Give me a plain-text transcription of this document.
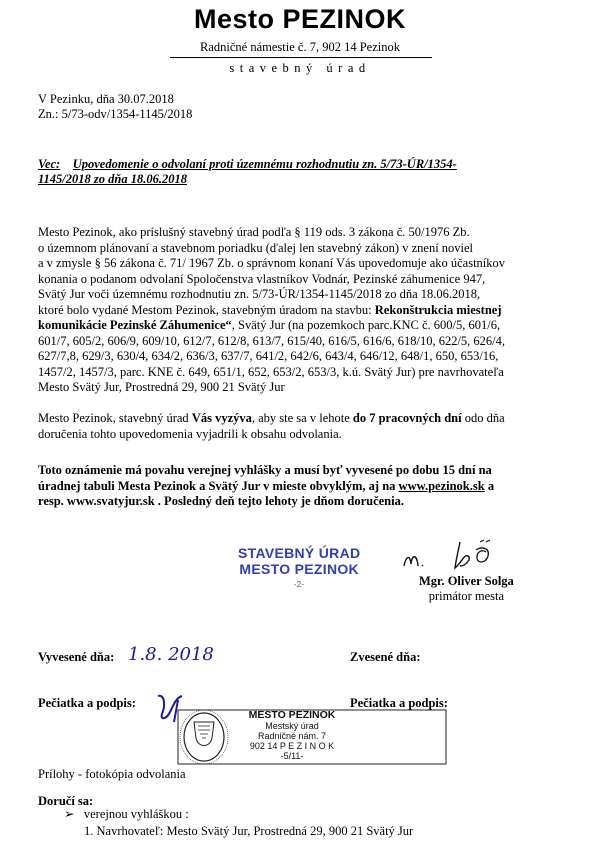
Mesto PEZINOK
Radničné námestie č. 7, 902 14 Pezinok
stavebný úrad
V Pezinku, dňa 30.07.2018
Zn.: 5/73-odv/1354-1145/2018
Vec: Upovedomenie o odvolaní proti územnému rozhodnutiu zn. 5/73-ÚR/1354-
1145/2018 zo dňa 18.06.2018
Mesto Pezinok, ako príslušný stavebný úrad podľa § 119 ods. 3 zákona č. 50/1976 Zb.
o územnom plánovaní a stavebnom poriadku (ďalej len stavebný zákon) v znení noviel
a v zmysle § 56 zákona č. 71/ 1967 Zb. o správnom konaní Vás upovedomuje ako účastníkov
konania o podanom odvolaní Spoločenstva vlastníkov Vodnár, Pezinské záhumenice 947,
Svätý Jur voči územnému rozhodnutiu zn. 5/73-ÚR/1354-1145/2018 zo dňa 18.06.2018,
ktoré bolo vydané Mestom Pezinok, stavebným úradom na stavbu: Rekonštrukcia miestnej
komunikácie Pezinské Záhumenice“, Svätý Jur (na pozemkoch parc.KNC č. 600/5, 601/6,
601/7, 605/2, 606/9, 609/10, 612/7, 612/8, 613/7, 615/40, 616/5, 616/6, 618/10, 622/5, 626/4,
627/7,8, 629/3, 630/4, 634/2, 636/3, 637/7, 641/2, 642/6, 643/4, 646/12, 648/1, 650, 653/16,
1457/2, 1457/3, parc. KNE č. 649, 651/1, 652, 653/2, 653/3, k.ú. Svätý Jur) pre navrhovateľa
Mesto Svätý Jur, Prostredná 29, 900 21 Svätý Jur
Mesto Pezinok, stavebný úrad Vás vyzýva, aby ste sa v lehote do 7 pracovných dní odo dňa
doručenia tohto upovedomenia vyjadrili k obsahu odvolania.
Toto oznámenie má povahu verejnej vyhlášky a musí byť vyvesené po dobu 15 dní na
úradnej tabuli Mesta Pezinok a Svätý Jur v mieste obvyklým, aj na www.pezinok.sk a
resp. www.svatyjur.sk . Posledný deň tejto lehoty je dňom doručenia.
STAVEBNÝ ÚRAD
MESTO PEZINOK
-2-	Mgr. Oliver Solga
primátor mesta
Vyvesené dňa: 1.8. 2018	Zvesené dňa:
Pečiatka a podpis:	Pečiatka a podpis:
MESTO PEZINOK
Mestský úrad
Radničné nám. 7
902 14 P E Z I N O K
-5/11-
Prílohy - fotokópia odvolania
Doručí sa:
➢ verejnou vyhláškou :
1. Navrhovateľ: Mesto Svätý Jur, Prostredná 29, 900 21 Svätý Jur
